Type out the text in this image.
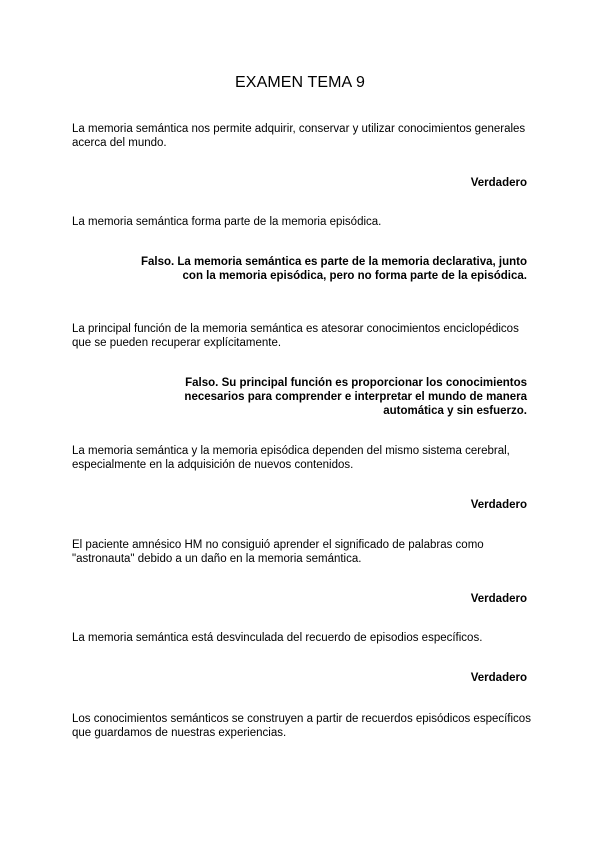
EXAMEN TEMA 9

La memoria semántica nos permite adquirir, conservar y utilizar conocimientos generales acerca del mundo.

Verdadero

La memoria semántica forma parte de la memoria episódica.

Falso. La memoria semántica es parte de la memoria declarativa, junto con la memoria episódica, pero no forma parte de la episódica.

La principal función de la memoria semántica es atesorar conocimientos enciclopédicos que se pueden recuperar explícitamente.

Falso. Su principal función es proporcionar los conocimientos necesarios para comprender e interpretar el mundo de manera automática y sin esfuerzo.

La memoria semántica y la memoria episódica dependen del mismo sistema cerebral, especialmente en la adquisición de nuevos contenidos.

Verdadero

El paciente amnésico HM no consiguió aprender el significado de palabras como "astronauta" debido a un daño en la memoria semántica.

Verdadero

La memoria semántica está desvinculada del recuerdo de episodios específicos.

Verdadero

Los conocimientos semánticos se construyen a partir de recuerdos episódicos específicos que guardamos de nuestras experiencias.
